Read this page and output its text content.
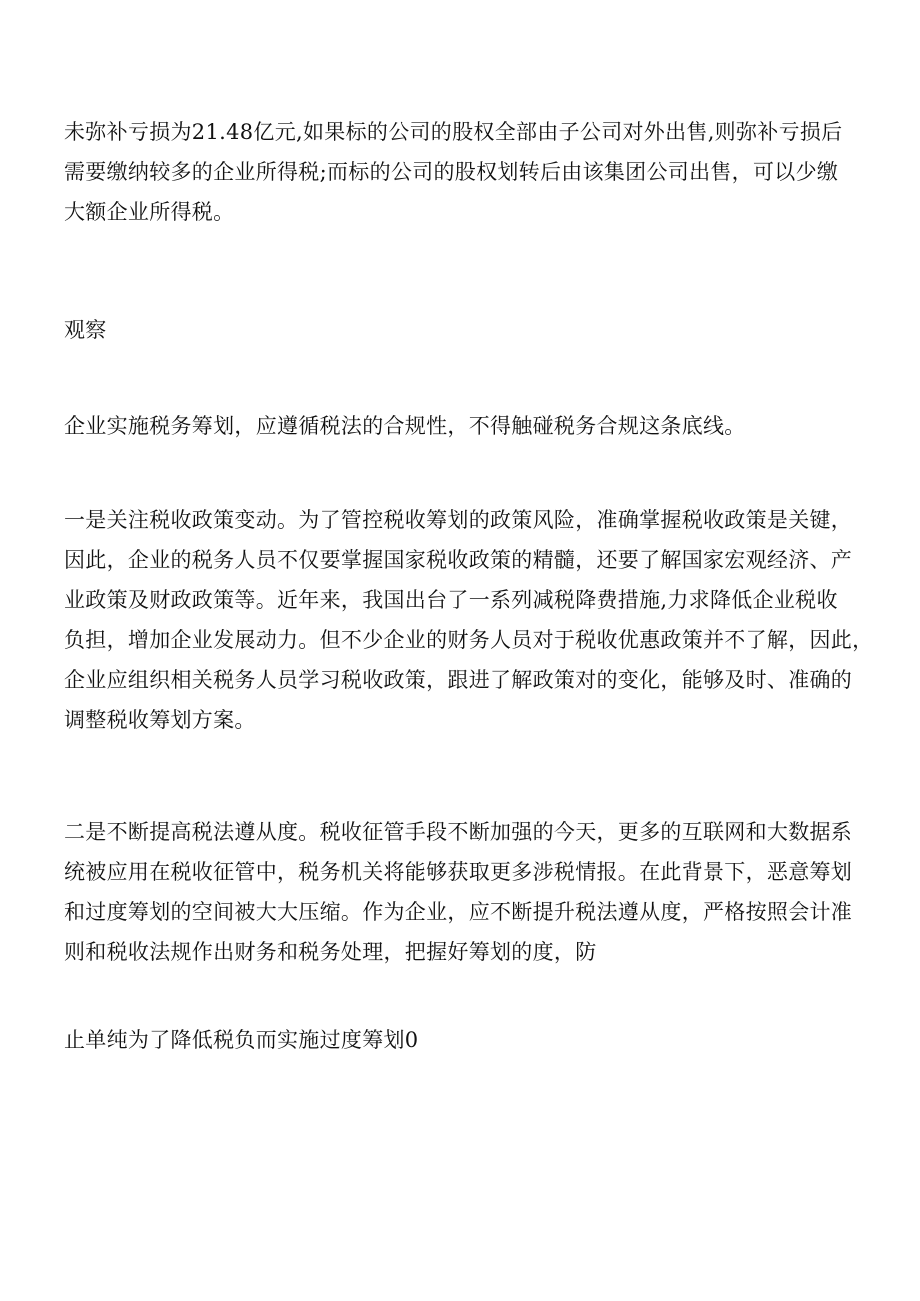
未弥补亏损为21.48亿元,如果标的公司的股权全部由子公司对外出售,则弥补亏损后
需要缴纳较多的企业所得税;而标的公司的股权划转后由该集团公司出售，可以少缴
大额企业所得税。

观察

企业实施税务筹划，应遵循税法的合规性，不得触碰税务合规这条底线。

一是关注税收政策变动。为了管控税收筹划的政策风险，准确掌握税收政策是关键，
因此，企业的税务人员不仅要掌握国家税收政策的精髓，还要了解国家宏观经济、产
业政策及财政政策等。近年来，我国出台了一系列减税降费措施,力求降低企业税收
负担，增加企业发展动力。但不少企业的财务人员对于税收优惠政策并不了解，因此，
企业应组织相关税务人员学习税收政策，跟进了解政策对的变化，能够及时、准确的
调整税收筹划方案。

二是不断提高税法遵从度。税收征管手段不断加强的今天，更多的互联网和大数据系
统被应用在税收征管中，税务机关将能够获取更多涉税情报。在此背景下，恶意筹划
和过度筹划的空间被大大压缩。作为企业，应不断提升税法遵从度，严格按照会计准
则和税收法规作出财务和税务处理，把握好筹划的度，防

止单纯为了降低税负而实施过度筹划0
